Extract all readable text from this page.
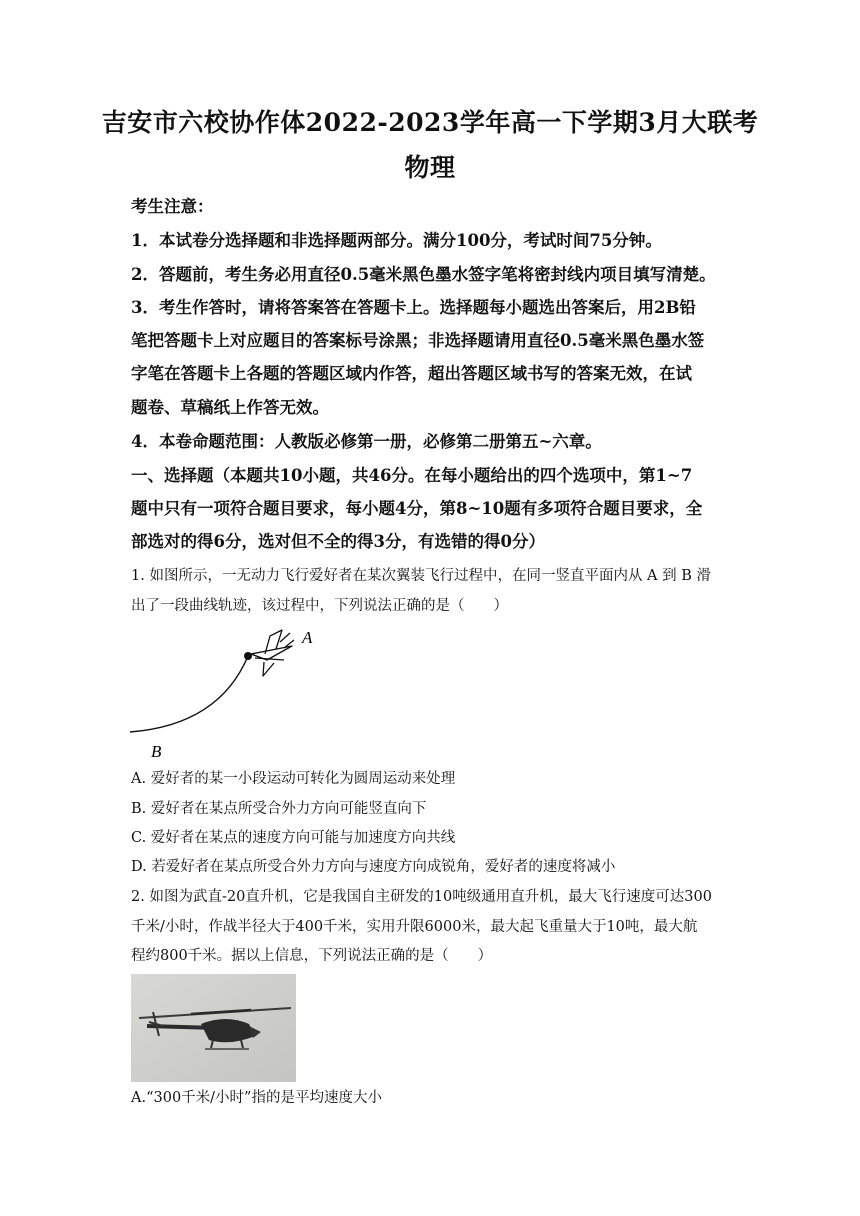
吉安市六校协作体2022-2023学年高一下学期3月大联考
物理
考生注意：
1．本试卷分选择题和非选择题两部分。满分100分，考试时间75分钟。
2．答题前，考生务必用直径0.5毫米黑色墨水签字笔将密封线内项目填写清楚。
3．考生作答时，请将答案答在答题卡上。选择题每小题选出答案后，用2B铅
笔把答题卡上对应题目的答案标号涂黑；非选择题请用直径0.5毫米黑色墨水签
字笔在答题卡上各题的答题区域内作答，超出答题区域书写的答案无效，在试
题卷、草稿纸上作答无效。
4．本卷命题范围：人教版必修第一册，必修第二册第五~六章。
一、选择题（本题共10小题，共46分。在每小题给出的四个选项中，第1~7
题中只有一项符合题目要求，每小题4分，第8~10题有多项符合题目要求，全
部选对的得6分，选对但不全的得3分，有选错的得0分）
1. 如图所示，一无动力飞行爱好者在某次翼装飞行过程中，在同一竖直平面内从 A 到 B 滑
出了一段曲线轨迹，该过程中，下列说法正确的是（　　）
A
B
A. 爱好者的某一小段运动可转化为圆周运动来处理
B. 爱好者在某点所受合外力方向可能竖直向下
C. 爱好者在某点的速度方向可能与加速度方向共线
D. 若爱好者在某点所受合外力方向与速度方向成锐角，爱好者的速度将减小
2. 如图为武直-20直升机，它是我国自主研发的10吨级通用直升机，最大飞行速度可达300
千米/小时，作战半径大于400千米，实用升限6000米，最大起飞重量大于10吨，最大航
程约800千米。据以上信息，下列说法正确的是（　　）
A.“300千米/小时”指的是平均速度大小
